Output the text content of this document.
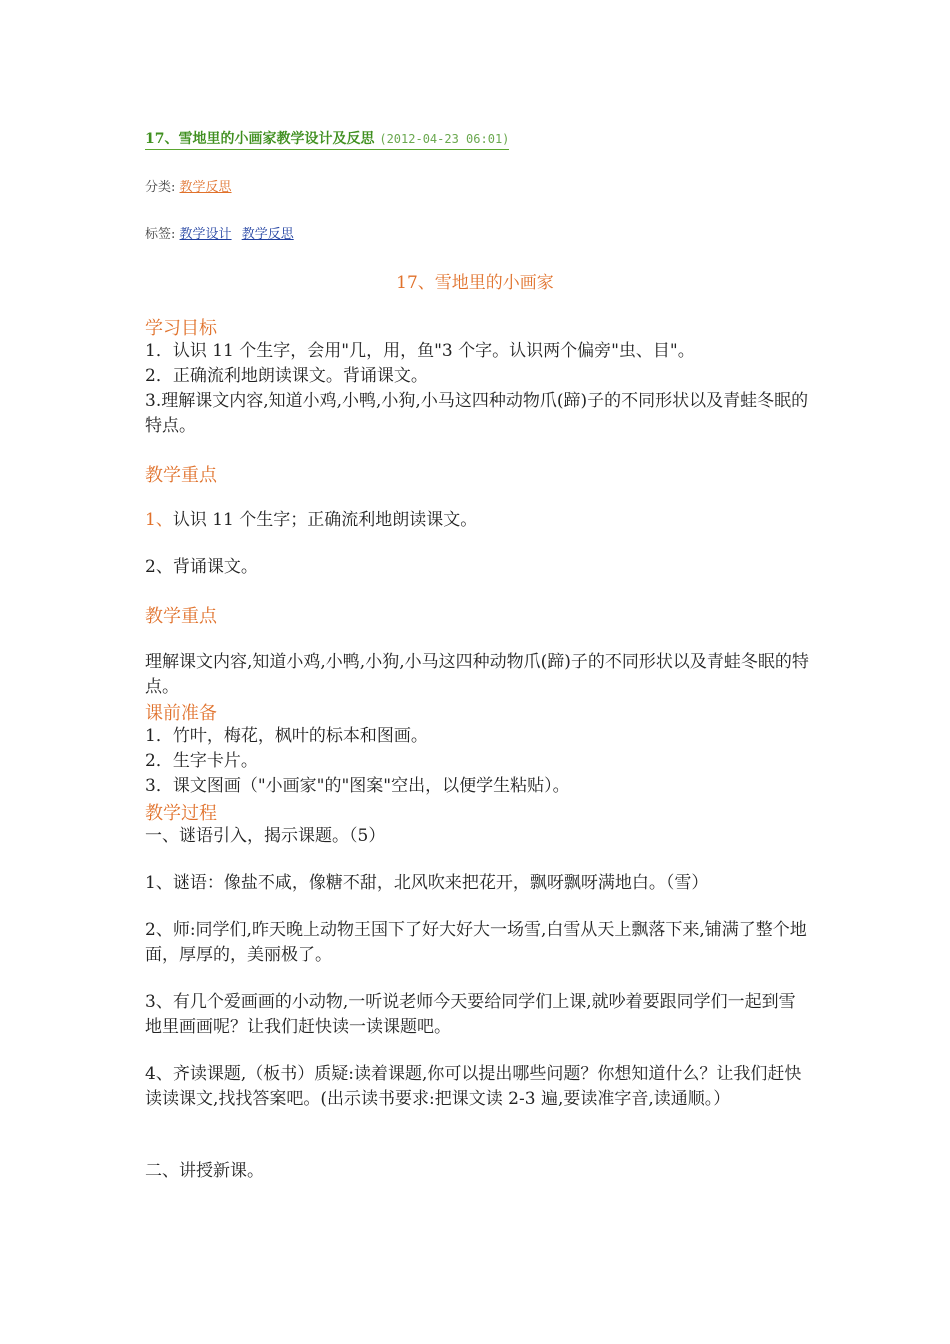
17、雪地里的小画家教学设计及反思 (2012-04-23 06:01)
分类: 教学反思
标签: 教学设计 教学反思
17、雪地里的小画家
学习目标
1．认识 11 个生字，会用"几，用，鱼"3 个字。认识两个偏旁"虫、目"。
2．正确流利地朗读课文。背诵课文。
3.理解课文内容,知道小鸡,小鸭,小狗,小马这四种动物爪(蹄)子的不同形状以及青蛙冬眠的特点。
教学重点
1、认识 11 个生字；正确流利地朗读课文。
2、背诵课文。
教学重点
理解课文内容,知道小鸡,小鸭,小狗,小马这四种动物爪(蹄)子的不同形状以及青蛙冬眠的特点。
课前准备
1．竹叶，梅花，枫叶的标本和图画。
2．生字卡片。
3．课文图画（"小画家"的"图案"空出，以便学生粘贴）。
教学过程
一、谜语引入，揭示课题。（5）
1、谜语：像盐不咸，像糖不甜，北风吹来把花开，飘呀飘呀满地白。（雪）
2、师:同学们,昨天晚上动物王国下了好大好大一场雪,白雪从天上飘落下来,铺满了整个地面，厚厚的，美丽极了。
3、有几个爱画画的小动物,一听说老师今天要给同学们上课,就吵着要跟同学们一起到雪地里画画呢？让我们赶快读一读课题吧。
4、齐读课题,（板书）质疑:读着课题,你可以提出哪些问题？你想知道什么？让我们赶快读读课文,找找答案吧。(出示读书要求:把课文读 2-3 遍,要读准字音,读通顺。）
二、讲授新课。
